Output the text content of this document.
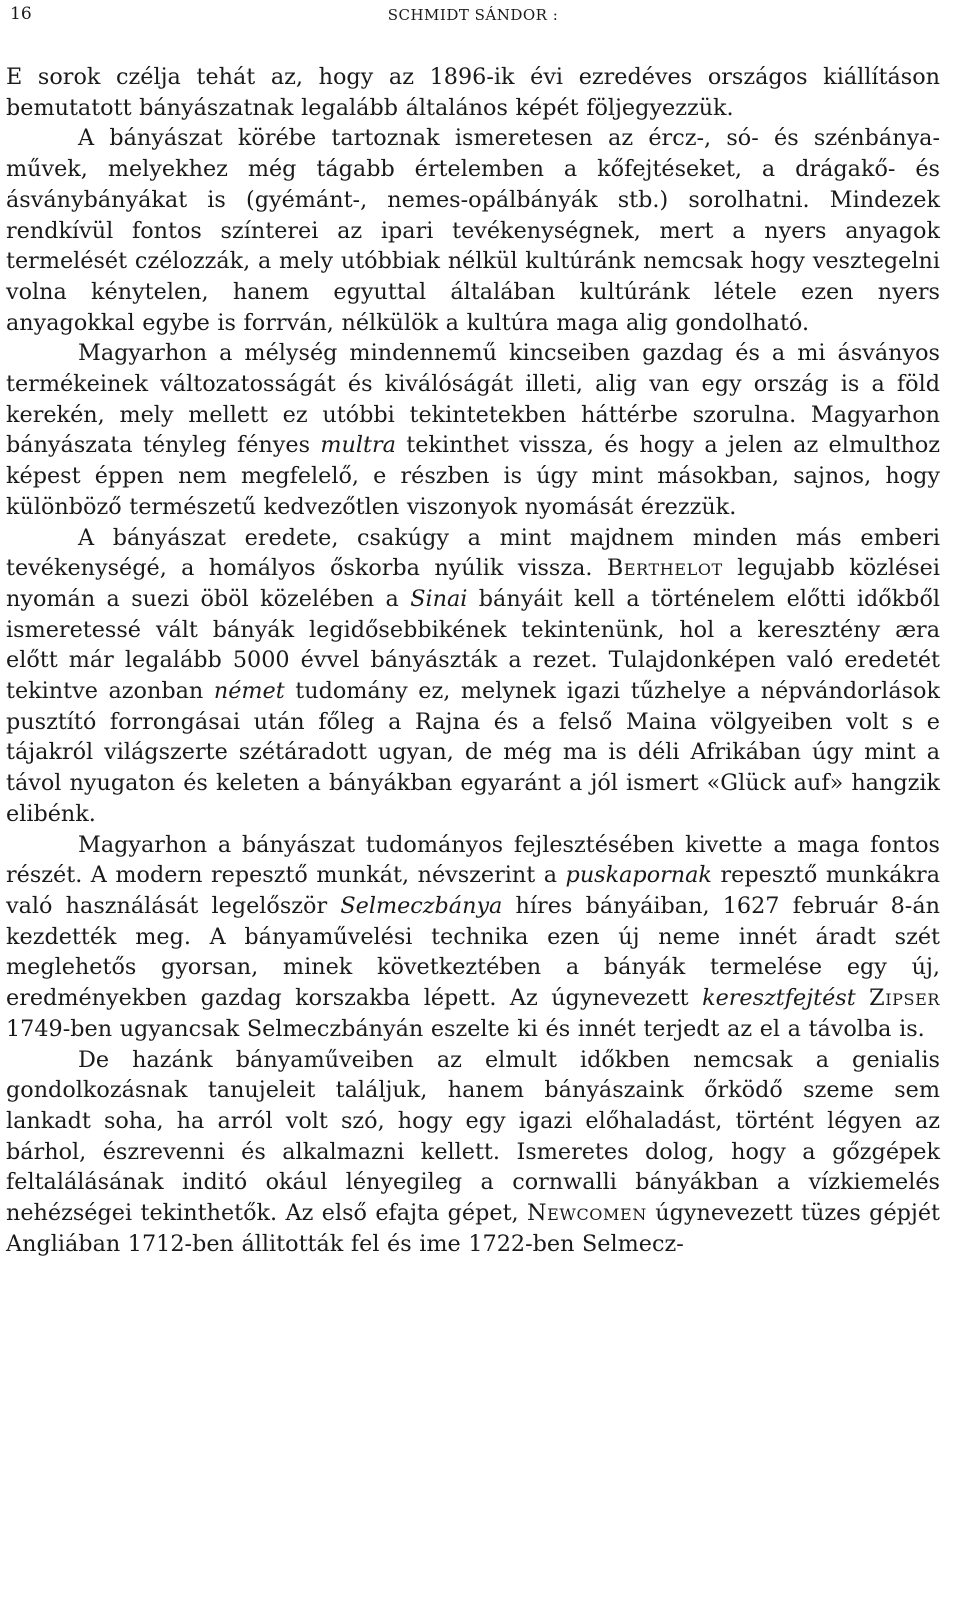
16	SCHMIDT SÁNDOR :

E sorok czélja tehát az, hogy az 1896-ik évi ezredéves országos kiállításon bemutatott bányászatnak legalább általános képét följegyezzük.

A bányászat körébe tartoznak ismeretesen az ércz-, só- és szénbánya-művek, melyekhez még tágabb értelemben a kőfejtéseket, a drágakő- és ásványbányákat is (gyémánt-, nemes-opálbányák stb.) sorolhatni. Mindezek rendkívül fontos színterei az ipari tevékenységnek, mert a nyers anyagok termelését czélozzák, a mely utóbbiak nélkül kultúránk nemcsak hogy vesztegelni volna kénytelen, hanem egyuttal általában kultúránk létele ezen nyers anyagokkal egybe is forrván, nélkülök a kultúra maga alig gondolható.

Magyarhon a mélység mindennemű kincseiben gazdag és a mi ásványos termékeinek változatosságát és kiválóságát illeti, alig van egy ország is a föld kerekén, mely mellett ez utóbbi tekintetekben háttérbe szorulna. Magyarhon bányászata tényleg fényes multra tekinthet vissza, és hogy a jelen az elmulthoz képest éppen nem megfelelő, e részben is úgy mint másokban, sajnos, hogy különböző természetű kedvezőtlen viszonyok nyomását érezzük.

A bányászat eredete, csakúgy a mint majdnem minden más emberi tevékenységé, a homályos őskorba nyúlik vissza. Berthelot legujabb közlései nyomán a suezi öböl közelében a Sinai bányáit kell a történelem előtti időkből ismeretessé vált bányák legidősebbikének tekintenünk, hol a keresztény æra előtt már legalább 5000 évvel bányászták a rezet. Tulajdonképen való eredetét tekintve azonban német tudomány ez, melynek igazi tűzhelye a népvándorlások pusztító forrongásai után főleg a Rajna és a felső Maina völgyeiben volt s e tájakról világszerte szétáradott ugyan, de még ma is déli Afrikában úgy mint a távol nyugaton és keleten a bányákban egyaránt a jól ismert «Glück auf» hangzik elibénk.

Magyarhon a bányászat tudományos fejlesztésében kivette a maga fontos részét. A modern repesztő munkát, névszerint a puskapornak repesztő munkákra való használását legelőször Selmeczbánya híres bányáiban, 1627 február 8-án kezdették meg. A bányaművelési technika ezen új neme innét áradt szét meglehetős gyorsan, minek következtében a bányák termelése egy új, eredményekben gazdag korszakba lépett. Az úgynevezett keresztfejtést Zipser 1749-ben ugyancsak Selmeczbányán eszelte ki és innét terjedt az el a távolba is.

De hazánk bányaműveiben az elmult időkben nemcsak a genialis gondolkozásnak tanujeleit találjuk, hanem bányászaink őrködő szeme sem lankadt soha, ha arról volt szó, hogy egy igazi előhaladást, történt légyen az bárhol, észrevenni és alkalmazni kellett. Ismeretes dolog, hogy a gőzgépek feltalálásának inditó okául lényegileg a cornwalli bányákban a vízkiemelés nehézségei tekinthetők. Az első efajta gépet, Newcomen úgynevezett tüzes gépjét Angliában 1712-ben állitották fel és ime 1722-ben Selmecz-
